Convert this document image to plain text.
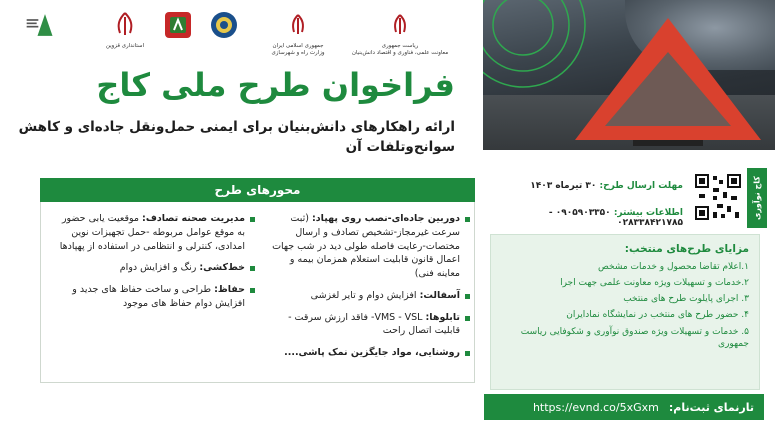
استانداری قزوین	جمهوری اسلامی ایران
وزارت راه و شهرسازی
ریاست جمهوری
معاونت علمی، فناوری و اقتصاد دانش‌بنیان
فراخوان طرح ملی کاج
ارائه راهکارهای دانش‌بنیان برای ایمنی حمل‌ونقل جاده‌ای و کاهش سوانح‌وتلفات آن
محورهای طرح
دوربین جاده‌ای-نصب روی پهپاد: (ثبت سرعت غیرمجاز-تشخیص تصادف و ارسال مختصات-رعایت فاصله طولی دید در شب جهات اعمال قانون قابلیت استعلام همزمان بیمه و معاینه فنی)
آسفالت: افزایش دوام و تایر لغزشی
تابلوها: VMS - VSL- فاقد ارزش سرقت - قابلیت اتصال راحت
روشنایی، مواد جایگزین نمک پاشی....
مدیریت صحنه تصادف: موقعیت یابی حضور به موقع عوامل مربوطه -حمل تجهیزات نوین امدادی، کنترلی و انتظامی در استفاده از پهپادها
خط‌کشی: رنگ و افزایش دوام
حفاظ: طراحی و ساخت حفاظ های جدید و افزایش دوام حفاظ های موجود
کاج نوآوری
مهلت ارسال طرح: ۳۰ تیرماه ۱۴۰۳
اطلاعات بیشتر: ۰۹۰۵۹۰۳۳۵۰ - ۰۲۸۳۳۸۴۲۱۷۸۵
مزایای طرح‌های منتخب:
۱.اعلام تقاضا محصول و خدمات مشخص
۲.خدمات و تسهیلات ویژه معاونت علمی جهت اجرا
۳. اجرای پایلوت طرح های منتخب
۴. حضور طرح های منتخب در نمایشگاه نمادایران
۵. خدمات و تسهیلات ویژه صندوق نوآوری و شکوفایی ریاست جمهوری
تارنمای ثبت‌نام:
https://evnd.co/5xGxm
